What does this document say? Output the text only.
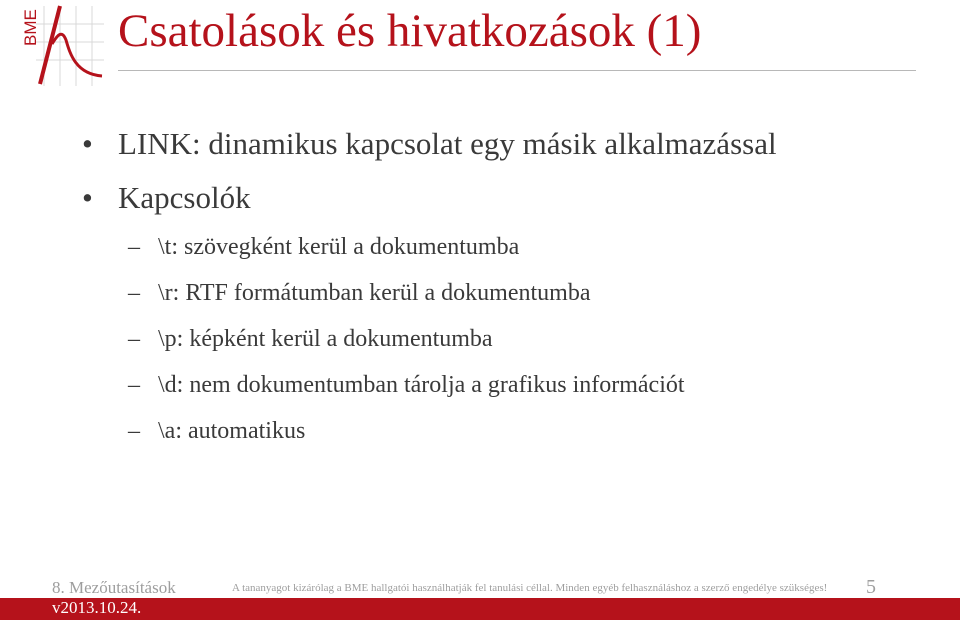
BME Csatolások és hivatkozások (1)
• LINK: dinamikus kapcsolat egy másik alkalmazással
• Kapcsolók
– \t: szövegként kerül a dokumentumba
– \r: RTF formátumban kerül a dokumentumba
– \p: képként kerül a dokumentumba
– \d: nem dokumentumban tárolja a grafikus információt
– \a: automatikus
8. Mezőutasítások	A tananyagot kizárólag a BME hallgatói használhatják fel tanulási céllal. Minden egyéb felhasználáshoz a szerző engedélye szükséges! 5
v2013.10.24.
